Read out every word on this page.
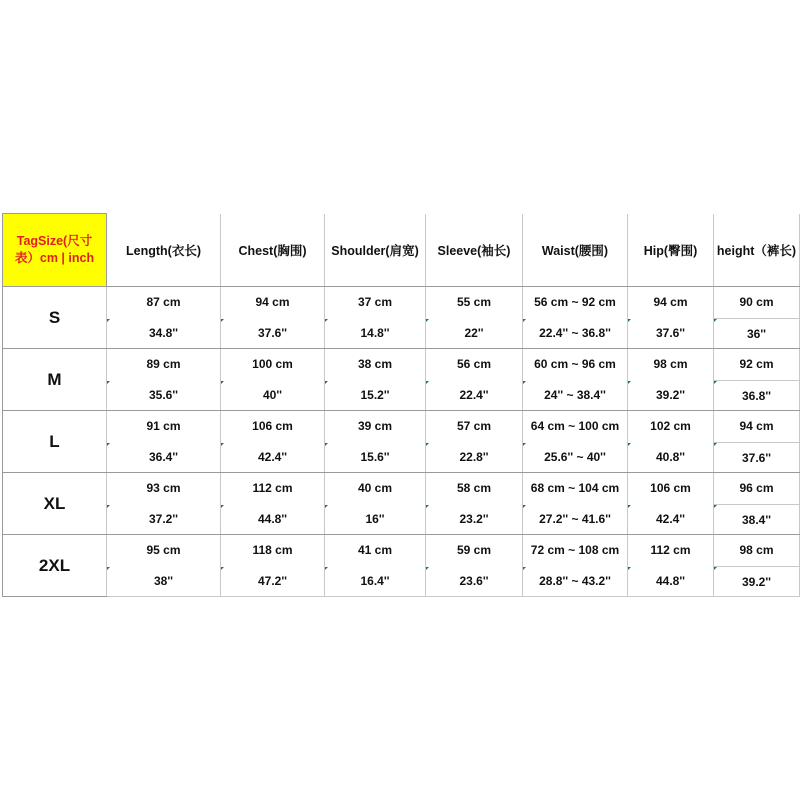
TagSize(尺寸表）cm | inch	Length(衣长)	Chest(胸围)	Shoulder(肩宽)	Sleeve(袖长)	Waist(腰围)	Hip(臀围)	height（裤长)
S	87 cm	94 cm	37 cm	55 cm	56 cm ~ 92 cm	94 cm	90 cm
	34.8''	37.6''	14.8''	22''	22.4'' ~ 36.8''	37.6''	36''
M	89 cm	100 cm	38 cm	56 cm	60 cm ~ 96 cm	98 cm	92 cm
	35.6''	40''	15.2''	22.4''	24'' ~ 38.4''	39.2''	36.8''
L	91 cm	106 cm	39 cm	57 cm	64 cm ~ 100 cm	102 cm	94 cm
	36.4''	42.4''	15.6''	22.8''	25.6'' ~ 40''	40.8''	37.6''
XL	93 cm	112 cm	40 cm	58 cm	68 cm ~ 104 cm	106 cm	96 cm
	37.2''	44.8''	16''	23.2''	27.2'' ~ 41.6''	42.4''	38.4''
2XL	95 cm	118 cm	41 cm	59 cm	72 cm ~ 108 cm	112 cm	98 cm
	38''	47.2''	16.4''	23.6''	28.8'' ~ 43.2''	44.8''	39.2''
